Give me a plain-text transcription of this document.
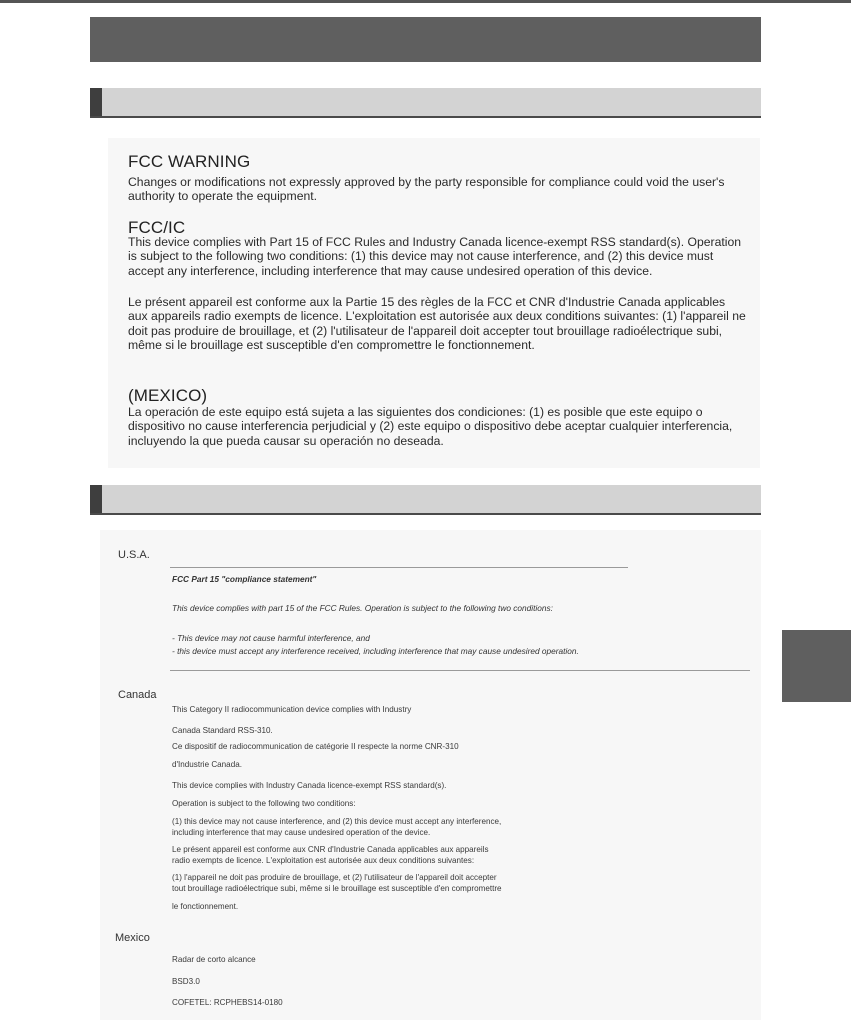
FCC WARNING
Changes or modifications not expressly approved by the party responsible for compliance could void the user's authority to operate the equipment.
FCC/IC
This device complies with Part 15 of FCC Rules and Industry Canada licence-exempt RSS standard(s). Operation is subject to the following two conditions: (1) this device may not cause interference, and (2) this device must accept any interference, including interference that may cause undesired operation of this device.
Le présent appareil est conforme aux la Partie 15 des règles de la FCC et CNR d'Industrie Canada applicables aux appareils radio exempts de licence. L'exploitation est autorisée aux deux conditions suivantes: (1) l'appareil ne doit pas produire de brouillage, et (2) l'utilisateur de l'appareil doit accepter tout brouillage radioélectrique subi, même si le brouillage est susceptible d'en compromettre le fonctionnement.
(MEXICO)
La operación de este equipo está sujeta a las siguientes dos condiciones: (1) es posible que este equipo o dispositivo no cause interferencia perjudicial y (2) este equipo o dispositivo debe aceptar cualquier interferencia, incluyendo la que pueda causar su operación no deseada.
U.S.A.
FCC Part 15 "compliance statement"
This device complies with part 15 of the FCC Rules. Operation is subject to the following two conditions:
- This device may not cause harmful interference, and
- this device must accept any interference received, including interference that may cause undesired operation.
Canada
This Category II radiocommunication device complies with Industry
Canada Standard RSS-310.
Ce dispositif de radiocommunication de catégorie II respecte la norme CNR-310
d'Industrie Canada.
This device complies with Industry Canada licence-exempt RSS standard(s).
Operation is subject to the following two conditions:
(1) this device may not cause interference, and (2) this device must accept any interference,
including interference that may cause undesired operation of the device.
Le présent appareil est conforme aux CNR d'Industrie Canada applicables aux appareils
radio exempts de licence. L'exploitation est autorisée aux deux conditions suivantes:
(1) l'appareil ne doit pas produire de brouillage, et (2) l'utilisateur de l'appareil doit accepter
tout brouillage radioélectrique subi, même si le brouillage est susceptible d'en compromettre
le fonctionnement.
Mexico
Radar de corto alcance
BSD3.0
COFETEL: RCPHEBS14-0180
